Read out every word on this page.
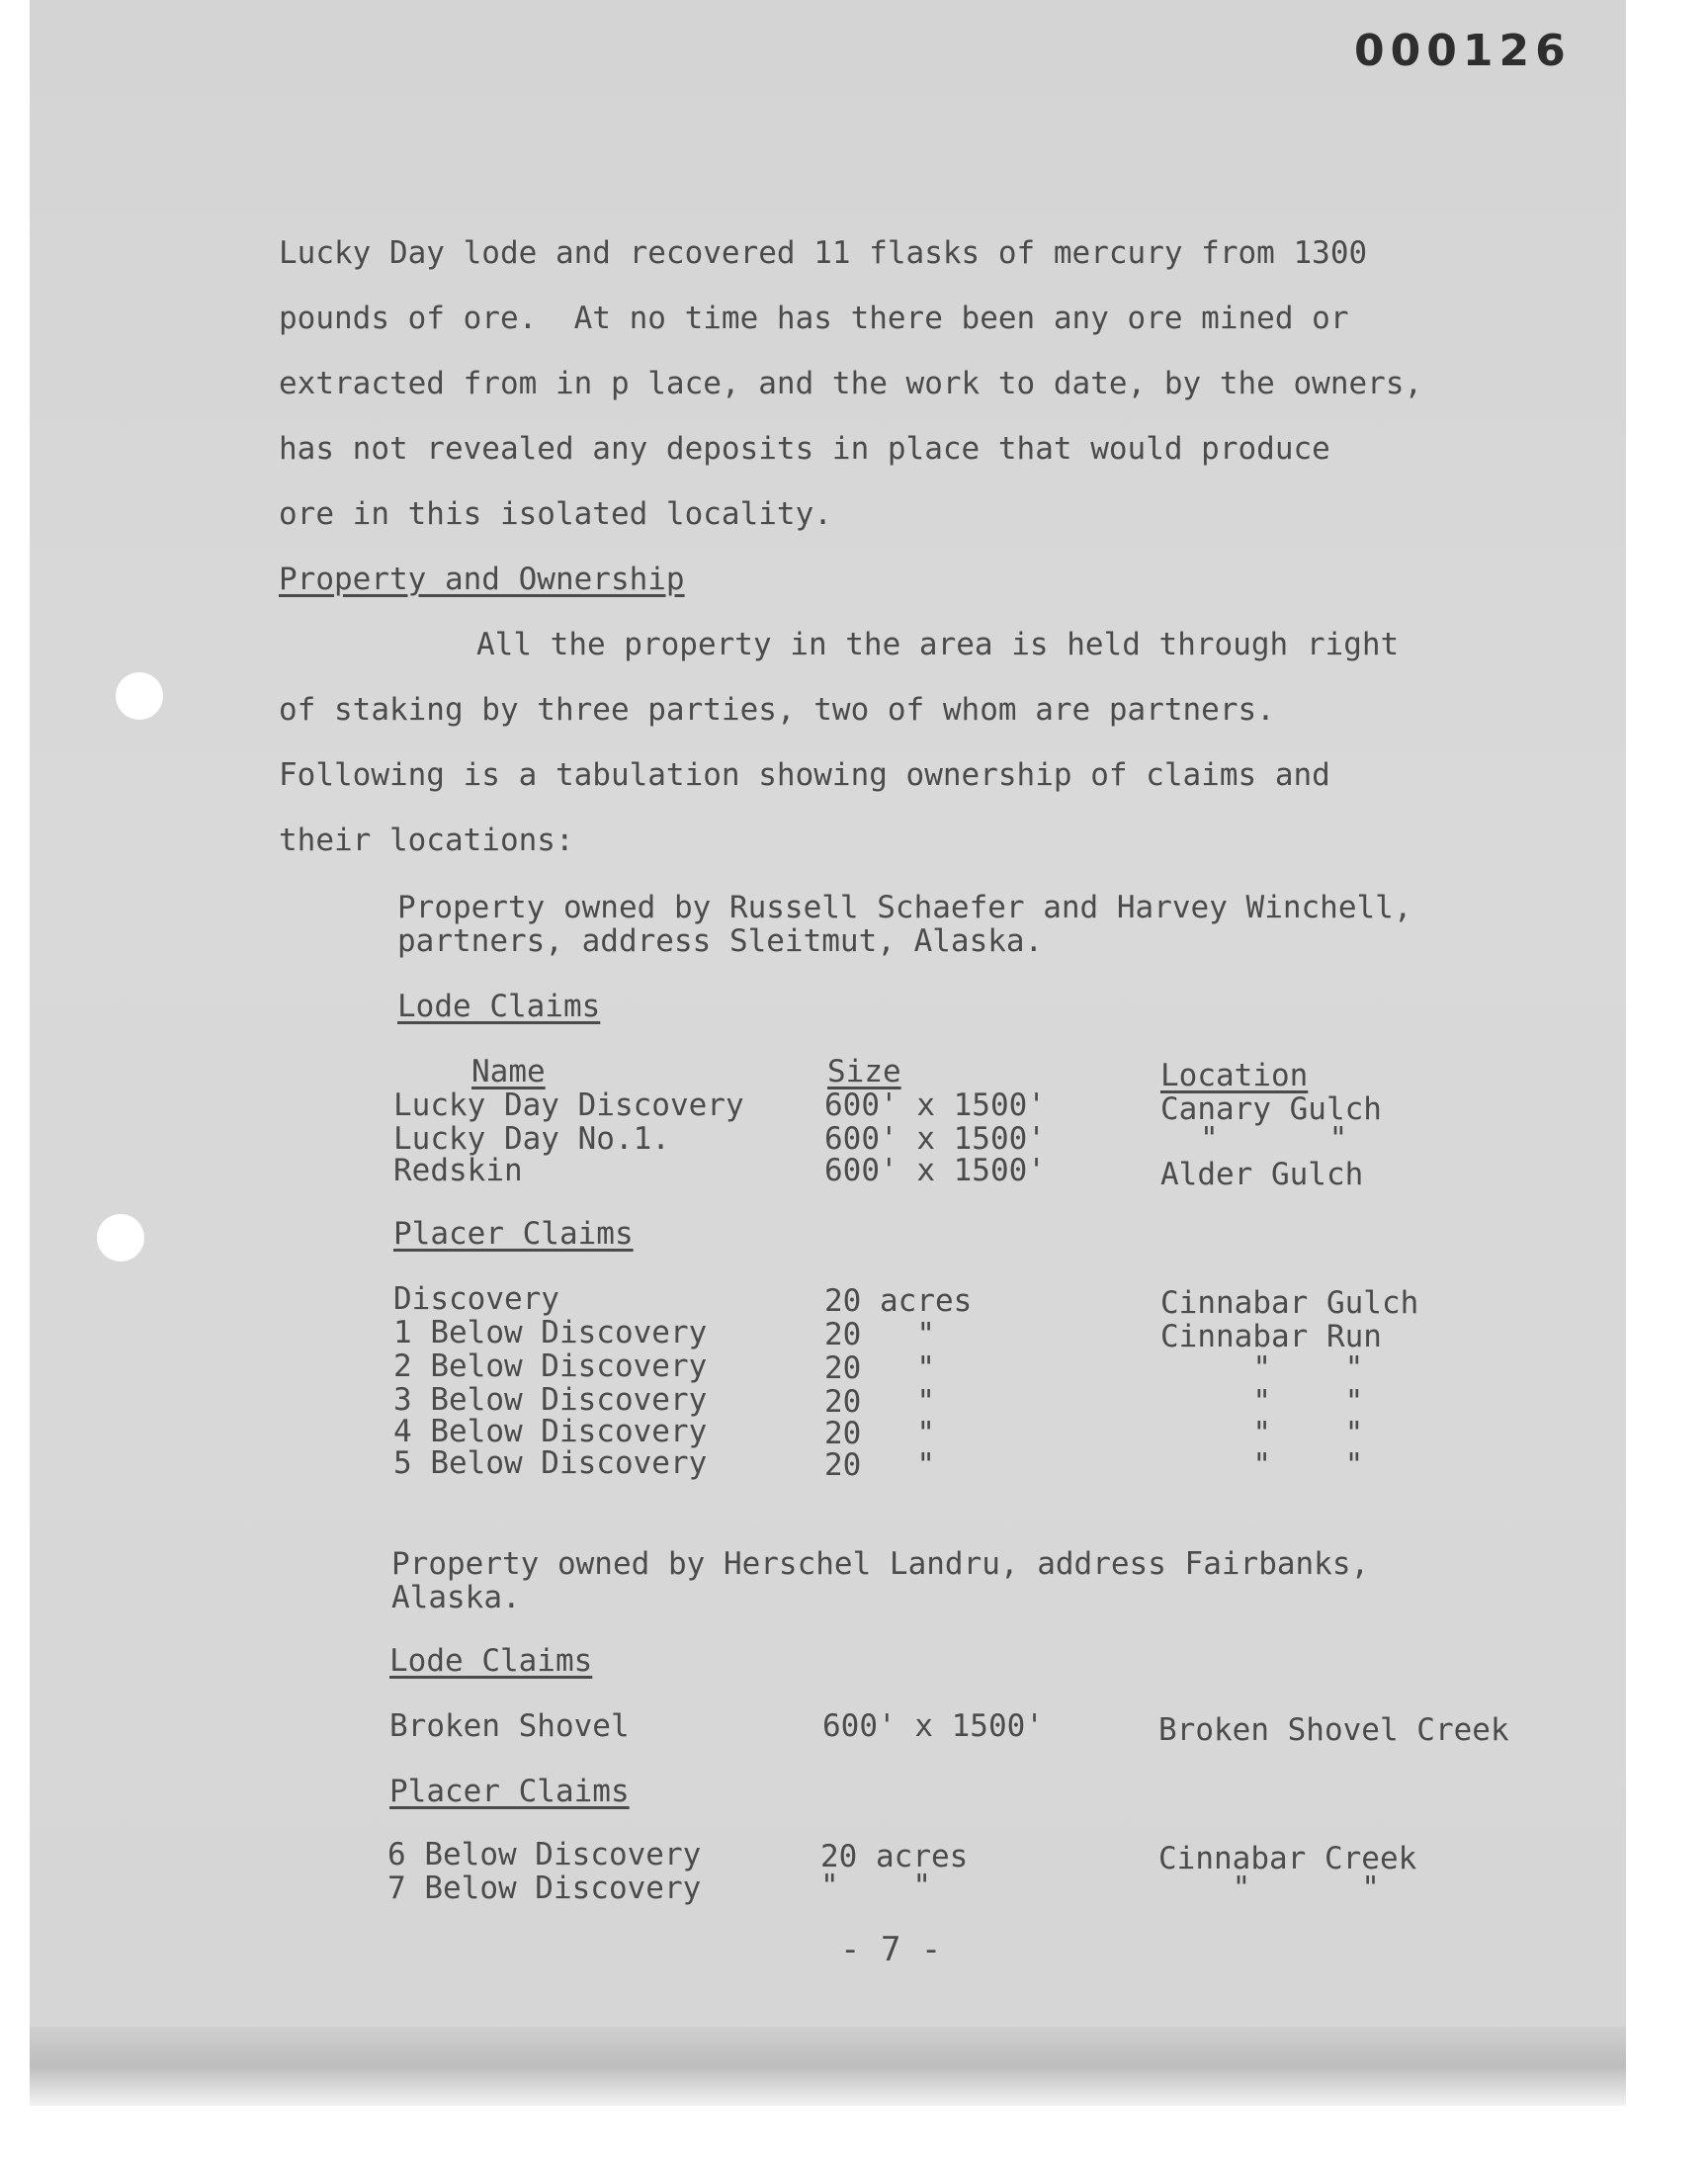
000126
Lucky Day lode and recovered 11 flasks of mercury from 1300
pounds of ore.  At no time has there been any ore mined or
extracted from in p lace, and the work to date, by the owners,
has not revealed any deposits in place that would produce
ore in this isolated locality.
Property and Ownership
All the property in the area is held through right
of staking by three parties, two of whom are partners.
Following is a tabulation showing ownership of claims and
their locations:
Property owned by Russell Schaefer and Harvey Winchell,
partners, address Sleitmut, Alaska.
Lode Claims
Name	Size	Location
Lucky Day Discovery	600' x 1500'	Canary Gulch
Lucky Day No.1.	600' x 1500'	"      "
Redskin	600' x 1500'	Alder Gulch
Placer Claims
Discovery	20 acres	Cinnabar Gulch
1 Below Discovery	20   "	Cinnabar Run
2 Below Discovery	20   "	"    "
3 Below Discovery	20   "	"    "
4 Below Discovery	20   "	"    "
5 Below Discovery	20   "	"    "
Property owned by Herschel Landru, address Fairbanks,
Alaska.
Lode Claims
Broken Shovel	600' x 1500'	Broken Shovel Creek
Placer Claims
6 Below Discovery	20 acres	Cinnabar Creek
7 Below Discovery	"    "	"      "
- 7 -
